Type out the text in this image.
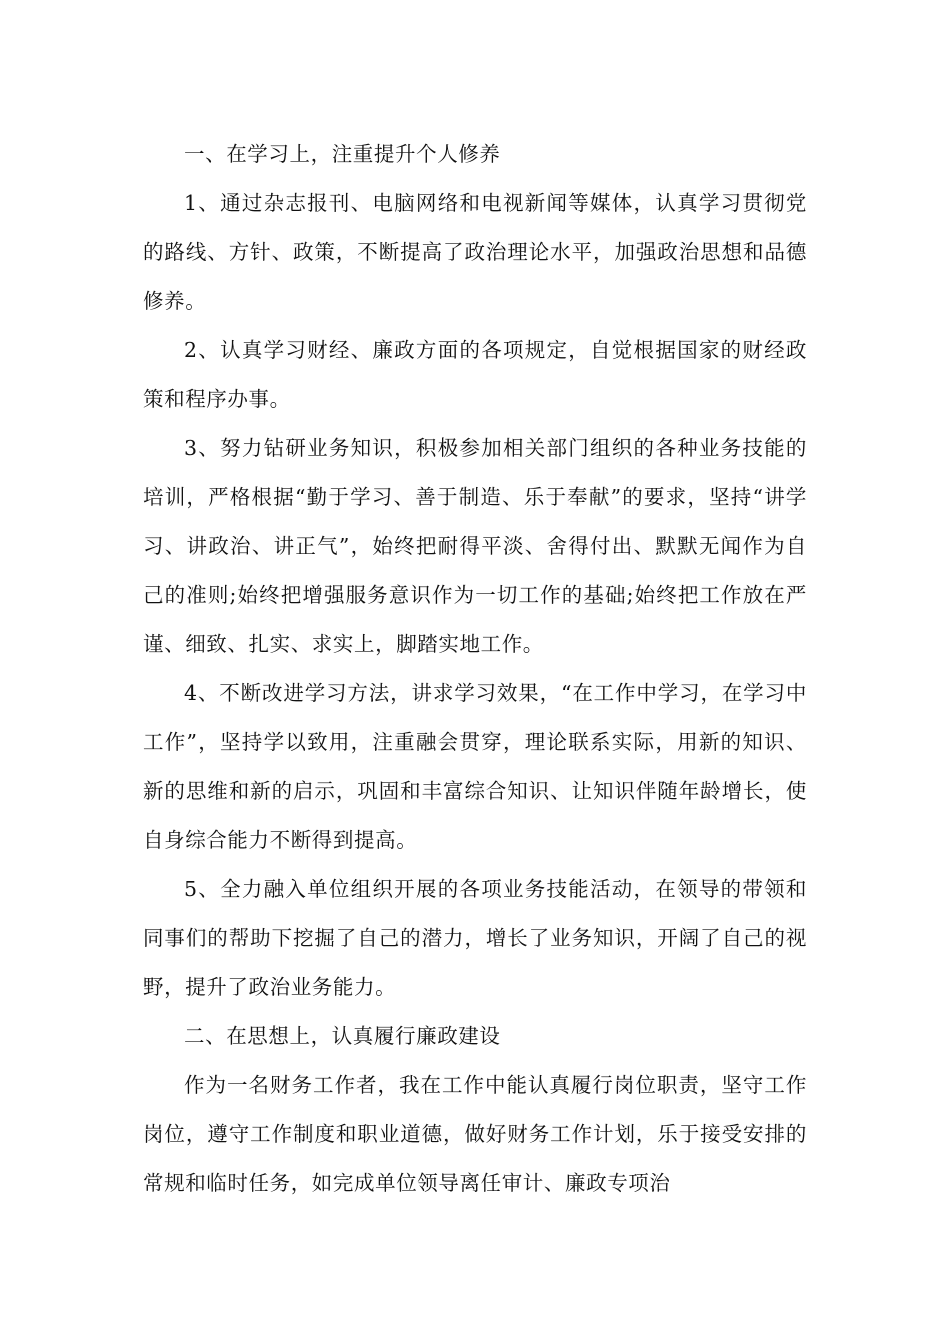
一、在学习上，注重提升个人修养

1、通过杂志报刊、电脑网络和电视新闻等媒体，认真学习贯彻党的路线、方针、政策，不断提高了政治理论水平，加强政治思想和品德修养。

2、认真学习财经、廉政方面的各项规定，自觉根据国家的财经政策和程序办事。

3、努力钻研业务知识，积极参加相关部门组织的各种业务技能的培训，严格根据“勤于学习、善于制造、乐于奉献”的要求，坚持“讲学习、讲政治、讲正气”，始终把耐得平淡、舍得付出、默默无闻作为自己的准则;始终把增强服务意识作为一切工作的基础;始终把工作放在严谨、细致、扎实、求实上，脚踏实地工作。

4、不断改进学习方法，讲求学习效果，“在工作中学习，在学习中工作”，坚持学以致用，注重融会贯穿，理论联系实际，用新的知识、新的思维和新的启示，巩固和丰富综合知识、让知识伴随年龄增长，使自身综合能力不断得到提高。

5、全力融入单位组织开展的各项业务技能活动，在领导的带领和同事们的帮助下挖掘了自己的潜力，增长了业务知识，开阔了自己的视野，提升了政治业务能力。

二、在思想上，认真履行廉政建设

作为一名财务工作者，我在工作中能认真履行岗位职责，坚守工作岗位，遵守工作制度和职业道德，做好财务工作计划，乐于接受安排的常规和临时任务，如完成单位领导离任审计、廉政专项治
